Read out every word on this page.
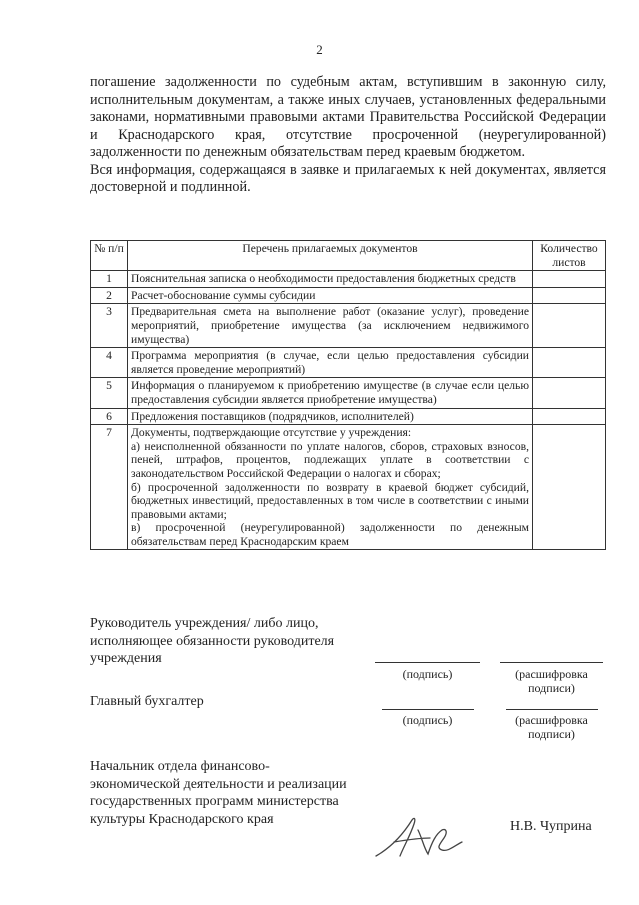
2

погашение задолженности по судебным актам, вступившим в законную силу, исполнительным документам, а также иных случаев, установленных федеральными законами, нормативными правовыми актами Правительства Российской Федерации и Краснодарского края, отсутствие просроченной (неурегулированной) задолженности по денежным обязательствам перед краевым бюджетом.

Вся информация, содержащаяся в заявке и прилагаемых к ней документах, является достоверной и подлинной.

№ п/п	Перечень прилагаемых документов	Количество листов
1	Пояснительная записка о необходимости предоставления бюджетных средств	
2	Расчет-обоснование суммы субсидии	
3	Предварительная смета на выполнение работ (оказание услуг), проведение мероприятий, приобретение имущества (за исключением недвижимого имущества)	
4	Программа мероприятия (в случае, если целью предоставления субсидии является проведение мероприятий)	
5	Информация о планируемом к приобретению имуществе (в случае если целью предоставления субсидии является приобретение имущества)	
6	Предложения поставщиков (подрядчиков, исполнителей)	
7	Документы, подтверждающие отсутствие у учреждения:
а) неисполненной обязанности по уплате налогов, сборов, страховых взносов, пеней, штрафов, процентов, подлежащих уплате в соответствии с законодательством Российской Федерации о налогах и сборах;
б) просроченной задолженности по возврату в краевой бюджет субсидий, бюджетных инвестиций, предоставленных в том числе в соответствии с иными правовыми актами;
в) просроченной (неурегулированной) задолженности по денежным обязательствам перед Краснодарским краем	

Руководитель учреждения/ либо лицо,
исполняющее обязанности руководителя
учреждения
(подпись)	(расшифровка
подписи)
Главный бухгалтер
(подпись)	(расшифровка
подписи)
Начальник отдела финансово-
экономической деятельности и реализации
государственных программ министерства
культуры Краснодарского края	Н.В. Чуприна
